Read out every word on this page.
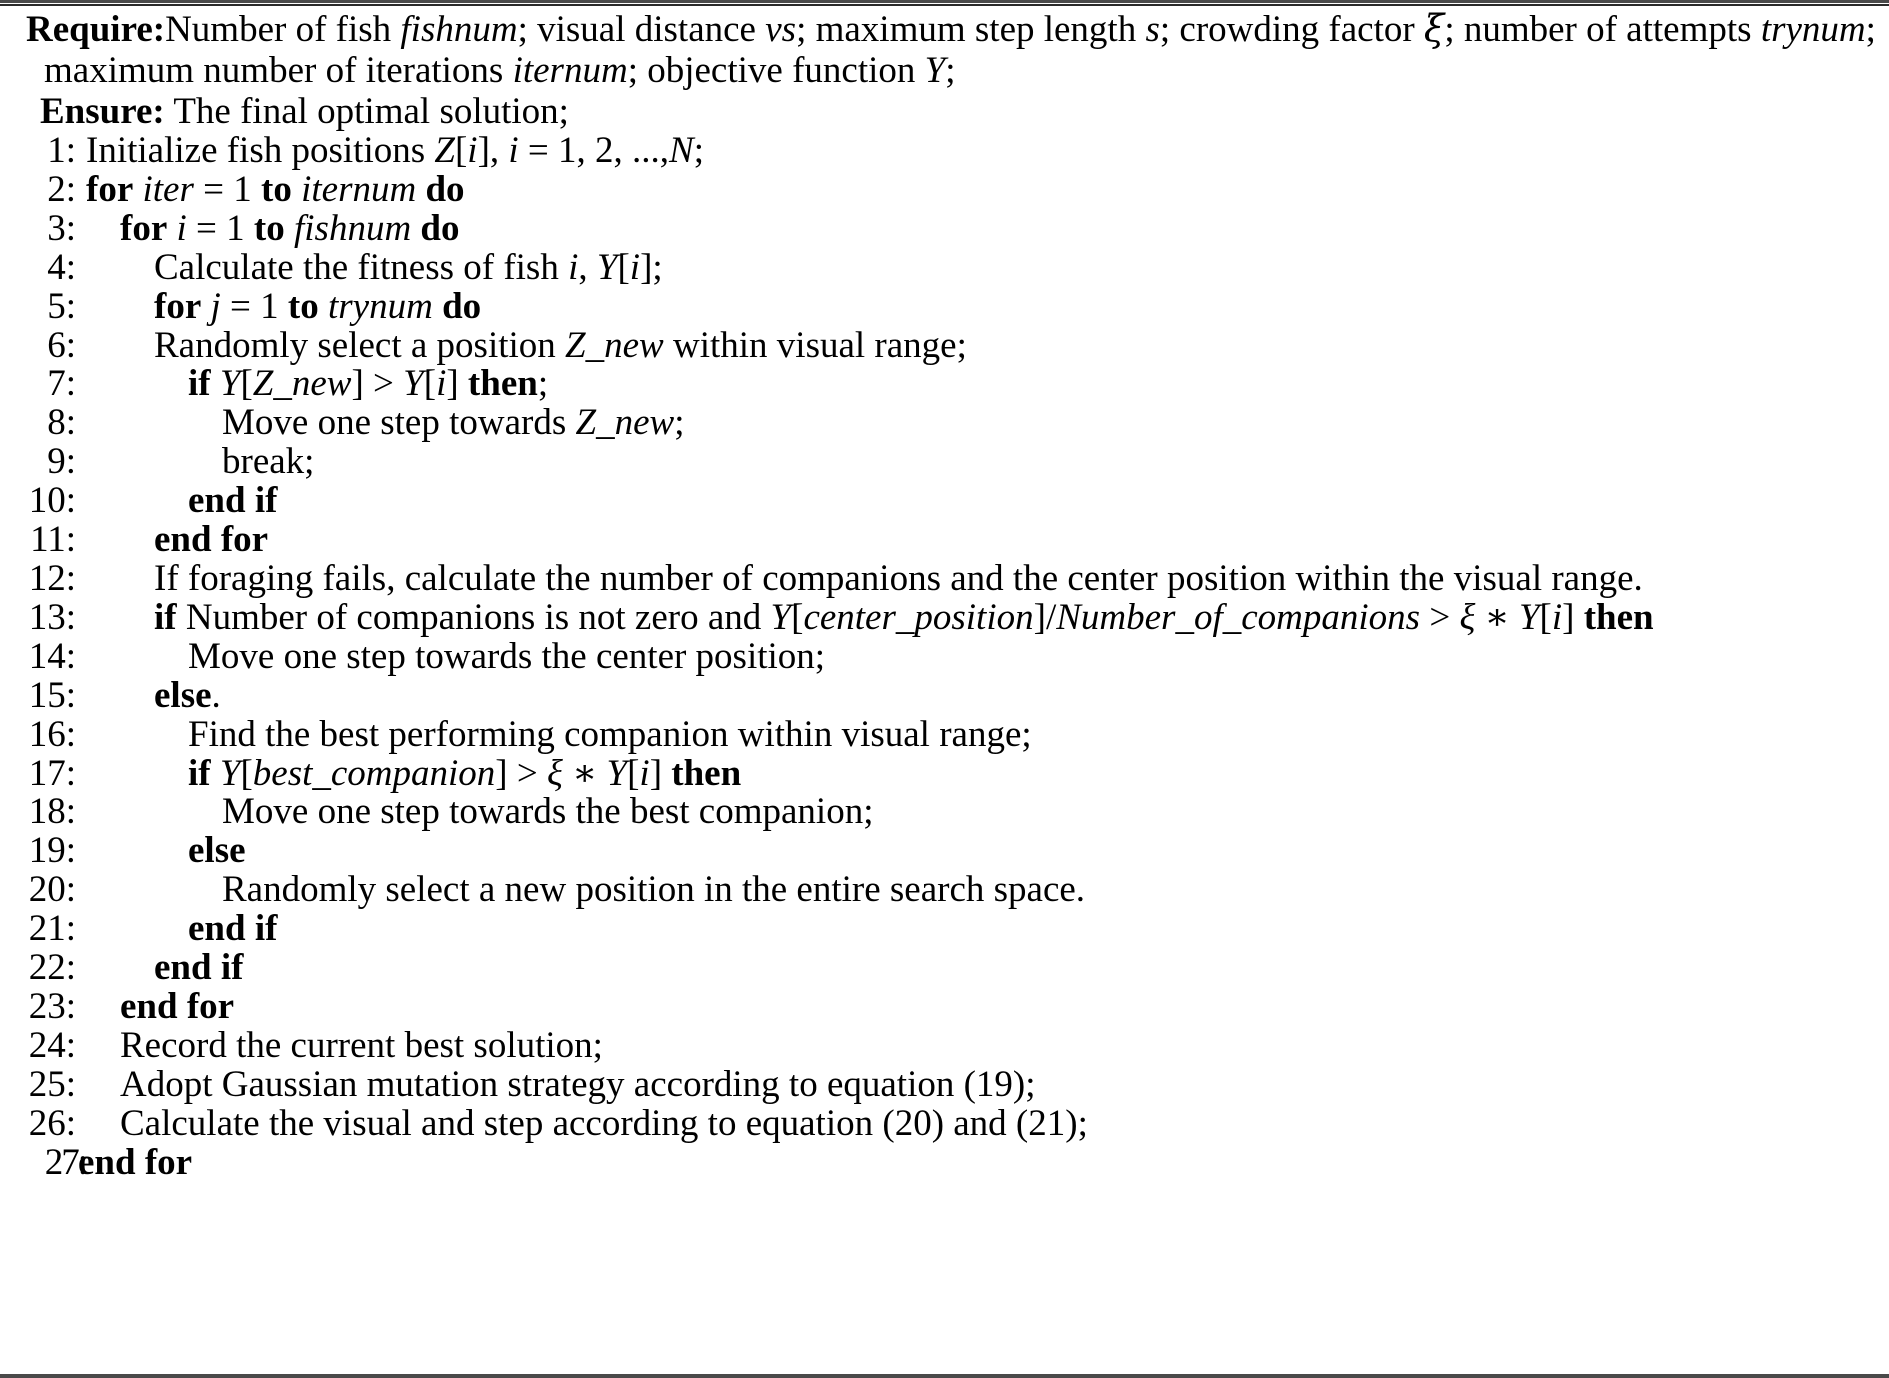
Require:Number of fish fishnum; visual distance vs; maximum step length s; crowding factor ξ; number of attempts trynum; maximum number of iterations iternum; objective function Y;
Ensure: The final optimal solution;
1: Initialize fish positions Z[i], i = 1, 2, ...,N;
2: for iter = 1 to iternum do
3:	for i = 1 to fishnum do
4:	Calculate the fitness of fish i, Y[i];
5:	for j = 1 to trynum do
6:	Randomly select a position Z_new within visual range;
7:	if Y[Z_new] > Y[i] then;
8:	Move one step towards Z_new;
9:	break;
10:	end if
11:	end for
12:	If foraging fails, calculate the number of companions and the center position within the visual range.
13:	if Number of companions is not zero and Y[center_position]/Number_of_companions > ξ ∗ Y[i] then
14:	Move one step towards the center position;
15:	else.
16:	Find the best performing companion within visual range;
17:	if Y[best_companion] > ξ ∗ Y[i] then
18:	Move one step towards the best companion;
19:	else
20:	Randomly select a new position in the entire search space.
21:	end if
22:	end if
23:	end for
24:	Record the current best solution;
25:	Adopt Gaussian mutation strategy according to equation (19);
26:	Calculate the visual and step according to equation (20) and (21);
27:
end for
